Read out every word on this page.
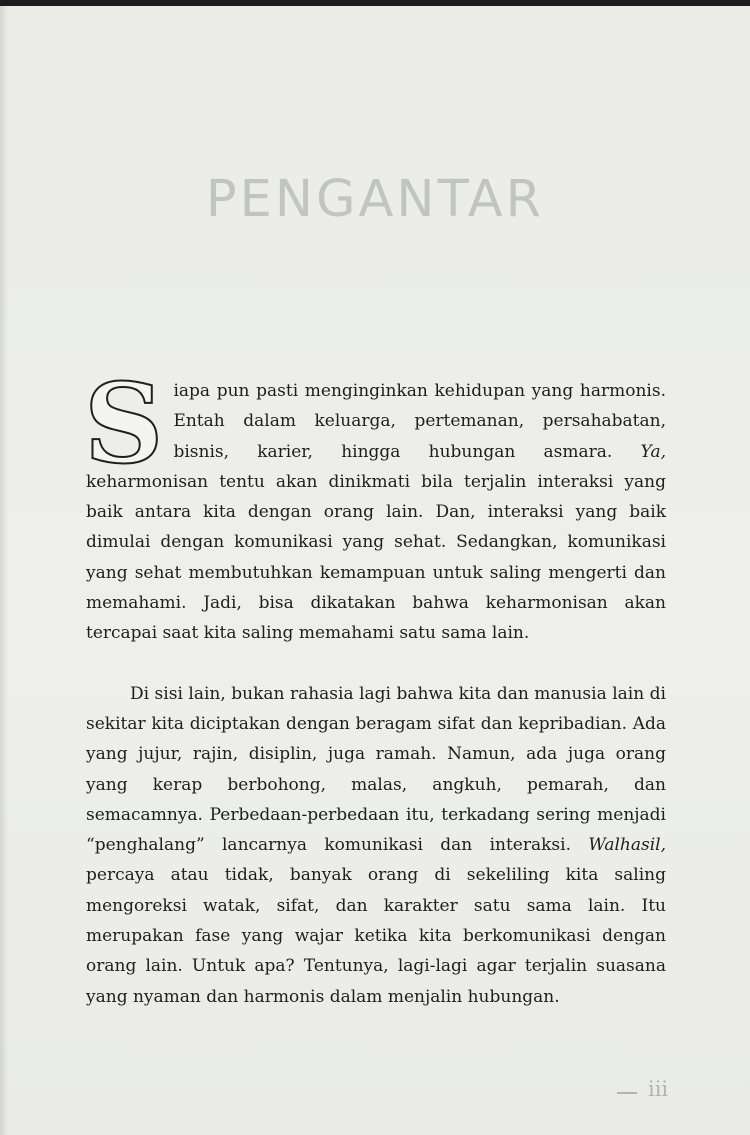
PENGANTAR

Siapa pun pasti menginginkan kehidupan yang harmonis. Entah dalam keluarga, pertemanan, persahabatan, bisnis, karier, hingga hubungan asmara. Ya, keharmonisan tentu akan dinikmati bila terjalin interaksi yang baik antara kita dengan orang lain. Dan, interaksi yang baik dimulai dengan komunikasi yang sehat. Sedangkan, komunikasi yang sehat membutuhkan kemampuan untuk saling mengerti dan memahami. Jadi, bisa dikatakan bahwa keharmonisan akan tercapai saat kita saling memahami satu sama lain.

Di sisi lain, bukan rahasia lagi bahwa kita dan manusia lain di sekitar kita diciptakan dengan beragam sifat dan kepribadian. Ada yang jujur, rajin, disiplin, juga ramah. Namun, ada juga orang yang kerap berbohong, malas, angkuh, pemarah, dan semacamnya. Perbedaan-perbedaan itu, terkadang sering menjadi “penghalang” lancarnya komunikasi dan interaksi. Walhasil, percaya atau tidak, banyak orang di sekeliling kita saling mengoreksi watak, sifat, dan karakter satu sama lain. Itu merupakan fase yang wajar ketika kita berkomunikasi dengan orang lain. Untuk apa? Tentunya, lagi-lagi agar terjalin suasana yang nyaman dan harmonis dalam menjalin hubungan.

iii
